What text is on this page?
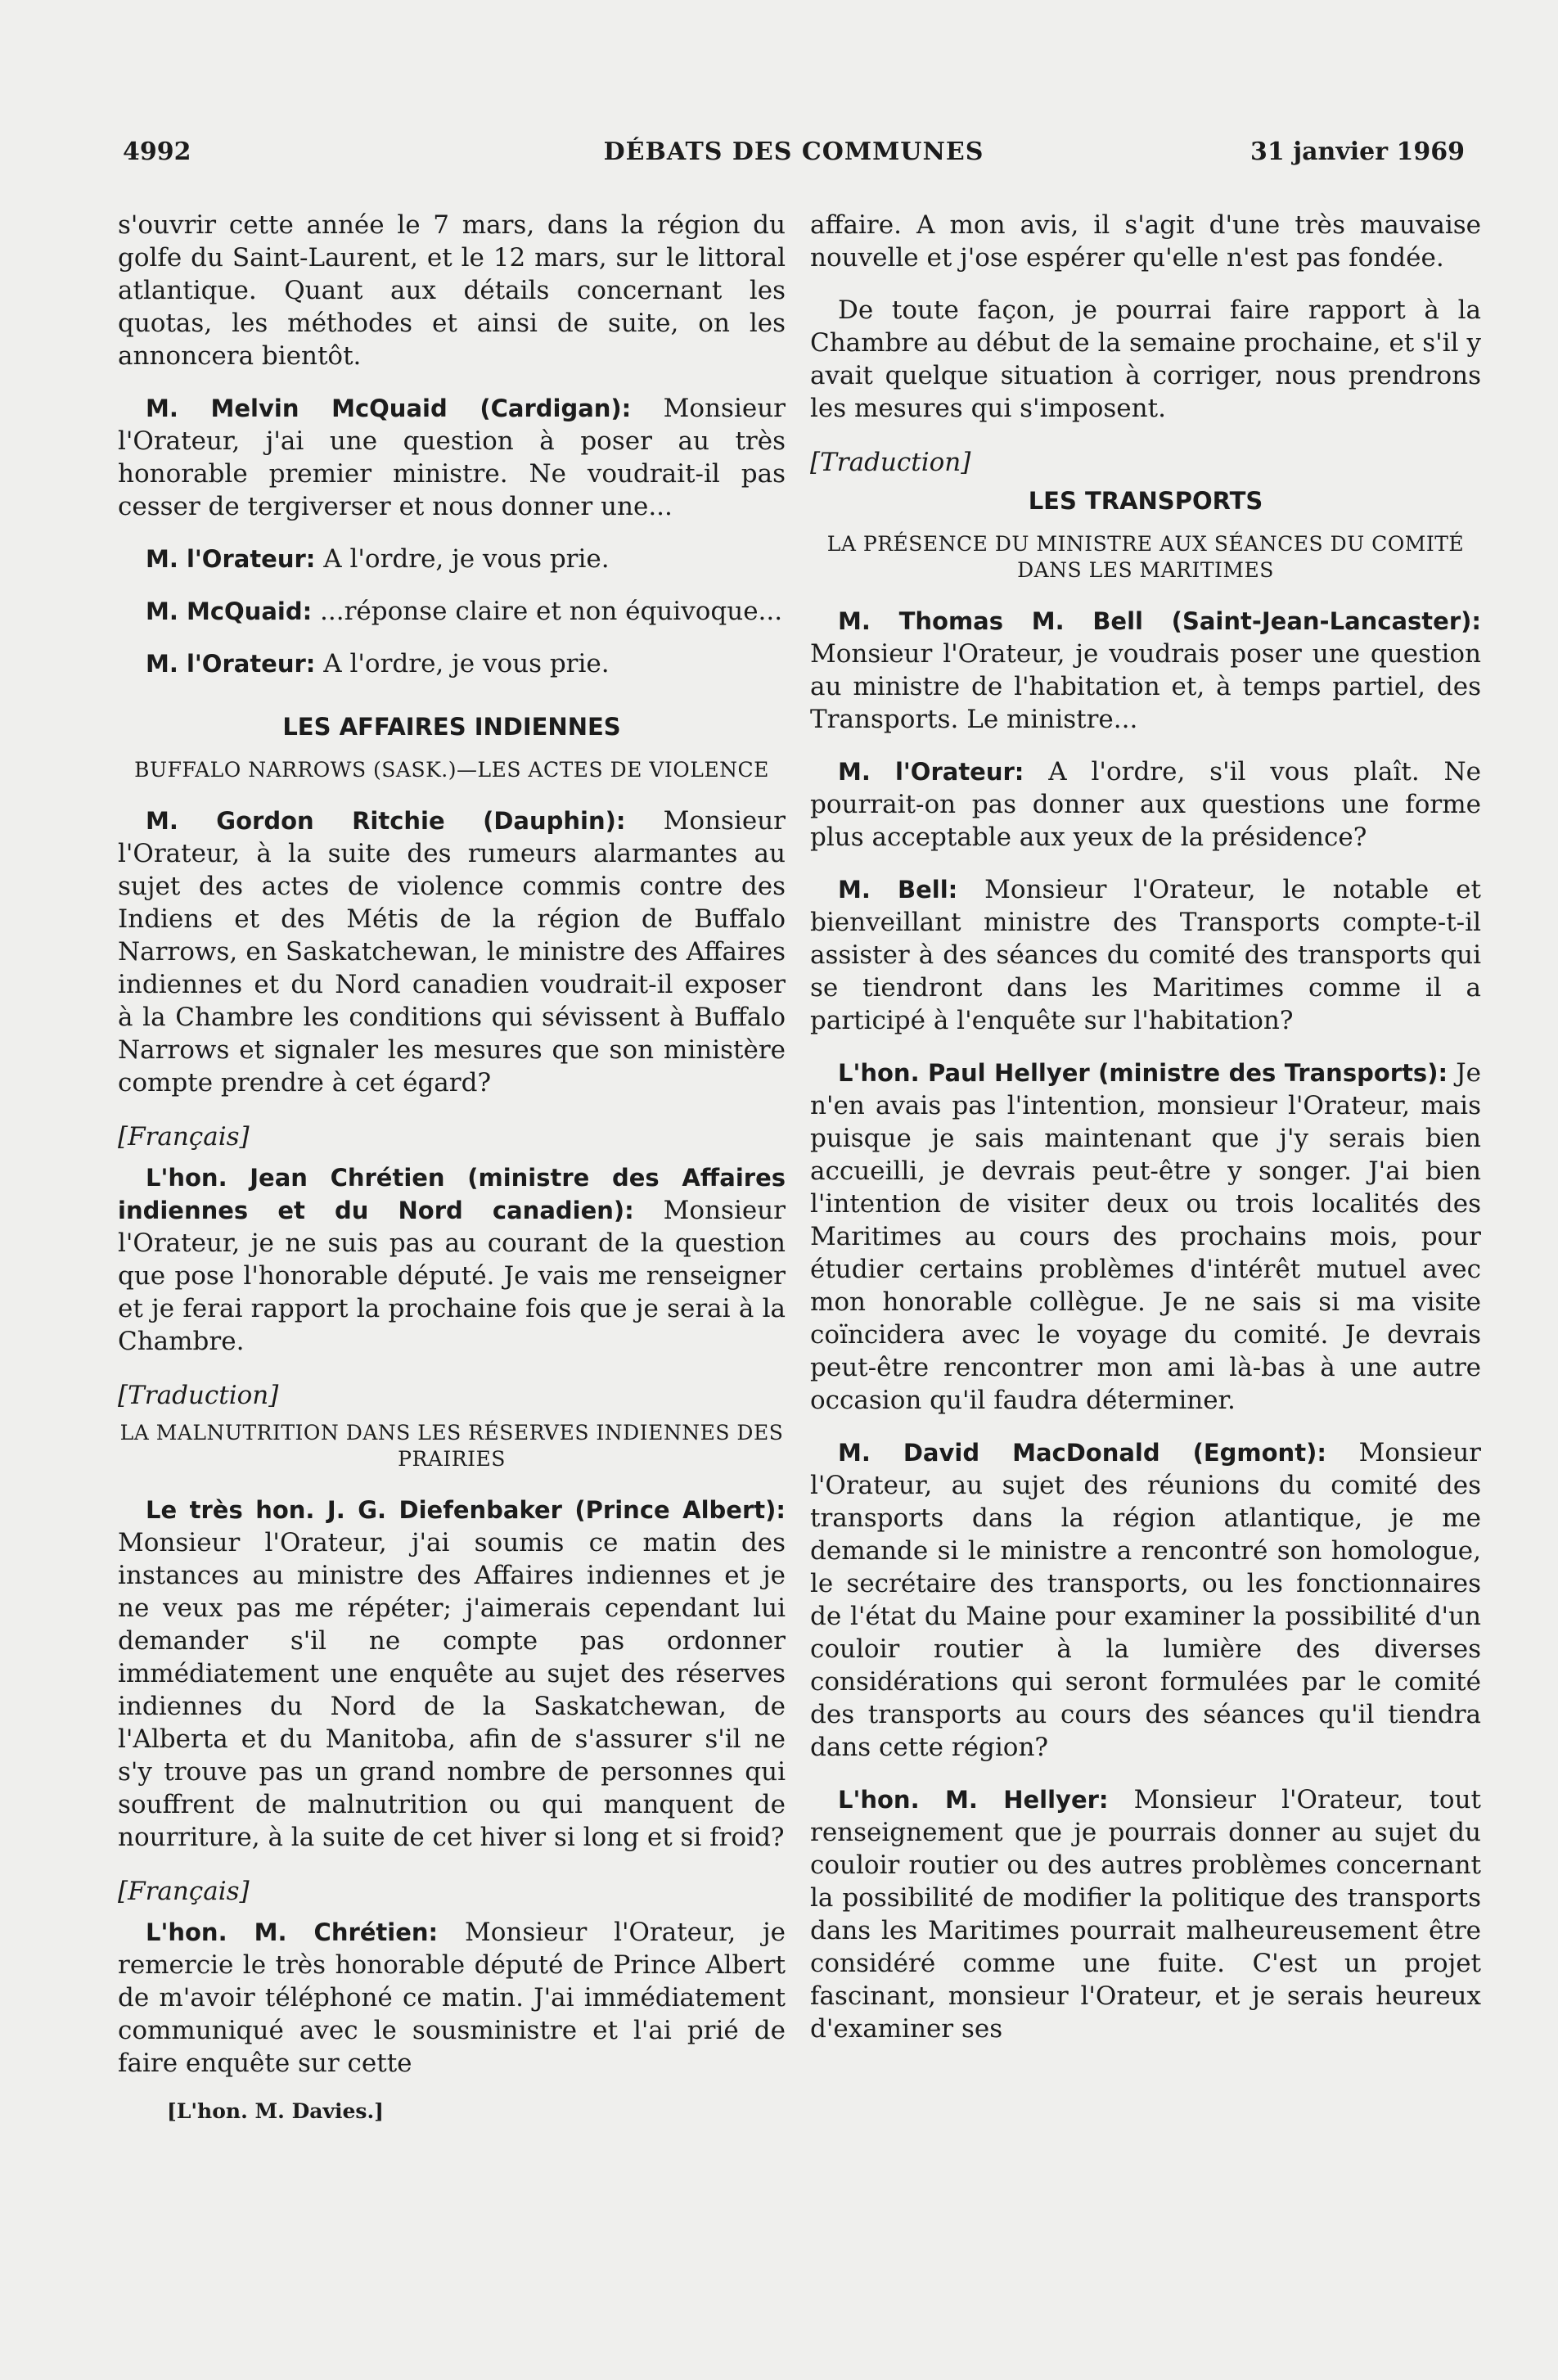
4992	DÉBATS DES COMMUNES	31 janvier 1969

s'ouvrir cette année le 7 mars, dans la région du golfe du Saint-Laurent, et le 12 mars, sur le littoral atlantique. Quant aux détails concernant les quotas, les méthodes et ainsi de suite, on les annoncera bientôt.

M. Melvin McQuaid (Cardigan): Monsieur l'Orateur, j'ai une question à poser au très honorable premier ministre. Ne voudrait-il pas cesser de tergiverser et nous donner une...

M. l'Orateur: A l'ordre, je vous prie.

M. McQuaid: ...réponse claire et non équivoque...

M. l'Orateur: A l'ordre, je vous prie.

LES AFFAIRES INDIENNES
BUFFALO NARROWS (SASK.)—LES ACTES DE VIOLENCE

M. Gordon Ritchie (Dauphin): Monsieur l'Orateur, à la suite des rumeurs alarmantes au sujet des actes de violence commis contre des Indiens et des Métis de la région de Buffalo Narrows, en Saskatchewan, le ministre des Affaires indiennes et du Nord canadien voudrait-il exposer à la Chambre les conditions qui sévissent à Buffalo Narrows et signaler les mesures que son ministère compte prendre à cet égard?

[Français]

L'hon. Jean Chrétien (ministre des Affaires indiennes et du Nord canadien): Monsieur l'Orateur, je ne suis pas au courant de la question que pose l'honorable député. Je vais me renseigner et je ferai rapport la prochaine fois que je serai à la Chambre.

[Traduction]
LA MALNUTRITION DANS LES RÉSERVES INDIENNES DES PRAIRIES

Le très hon. J. G. Diefenbaker (Prince Albert): Monsieur l'Orateur, j'ai soumis ce matin des instances au ministre des Affaires indiennes et je ne veux pas me répéter; j'aimerais cependant lui demander s'il ne compte pas ordonner immédiatement une enquête au sujet des réserves indiennes du Nord de la Saskatchewan, de l'Alberta et du Manitoba, afin de s'assurer s'il ne s'y trouve pas un grand nombre de personnes qui souffrent de malnutrition ou qui manquent de nourriture, à la suite de cet hiver si long et si froid?

[Français]

L'hon. M. Chrétien: Monsieur l'Orateur, je remercie le très honorable député de Prince Albert de m'avoir téléphoné ce matin. J'ai immédiatement communiqué avec le sousministre et l'ai prié de faire enquête sur cette

[L'hon. M. Davies.]

affaire. A mon avis, il s'agit d'une très mauvaise nouvelle et j'ose espérer qu'elle n'est pas fondée.

De toute façon, je pourrai faire rapport à la Chambre au début de la semaine prochaine, et s'il y avait quelque situation à corriger, nous prendrons les mesures qui s'imposent.

[Traduction]
LES TRANSPORTS
LA PRÉSENCE DU MINISTRE AUX SÉANCES DU COMITÉ DANS LES MARITIMES

M. Thomas M. Bell (Saint-Jean-Lancaster): Monsieur l'Orateur, je voudrais poser une question au ministre de l'habitation et, à temps partiel, des Transports. Le ministre...

M. l'Orateur: A l'ordre, s'il vous plaît. Ne pourrait-on pas donner aux questions une forme plus acceptable aux yeux de la présidence?

M. Bell: Monsieur l'Orateur, le notable et bienveillant ministre des Transports compte-t-il assister à des séances du comité des transports qui se tiendront dans les Maritimes comme il a participé à l'enquête sur l'habitation?

L'hon. Paul Hellyer (ministre des Transports): Je n'en avais pas l'intention, monsieur l'Orateur, mais puisque je sais maintenant que j'y serais bien accueilli, je devrais peut-être y songer. J'ai bien l'intention de visiter deux ou trois localités des Maritimes au cours des prochains mois, pour étudier certains problèmes d'intérêt mutuel avec mon honorable collègue. Je ne sais si ma visite coïncidera avec le voyage du comité. Je devrais peut-être rencontrer mon ami là-bas à une autre occasion qu'il faudra déterminer.

M. David MacDonald (Egmont): Monsieur l'Orateur, au sujet des réunions du comité des transports dans la région atlantique, je me demande si le ministre a rencontré son homologue, le secrétaire des transports, ou les fonctionnaires de l'état du Maine pour examiner la possibilité d'un couloir routier à la lumière des diverses considérations qui seront formulées par le comité des transports au cours des séances qu'il tiendra dans cette région?

L'hon. M. Hellyer: Monsieur l'Orateur, tout renseignement que je pourrais donner au sujet du couloir routier ou des autres problèmes concernant la possibilité de modifier la politique des transports dans les Maritimes pourrait malheureusement être considéré comme une fuite. C'est un projet fascinant, monsieur l'Orateur, et je serais heureux d'examiner ses
